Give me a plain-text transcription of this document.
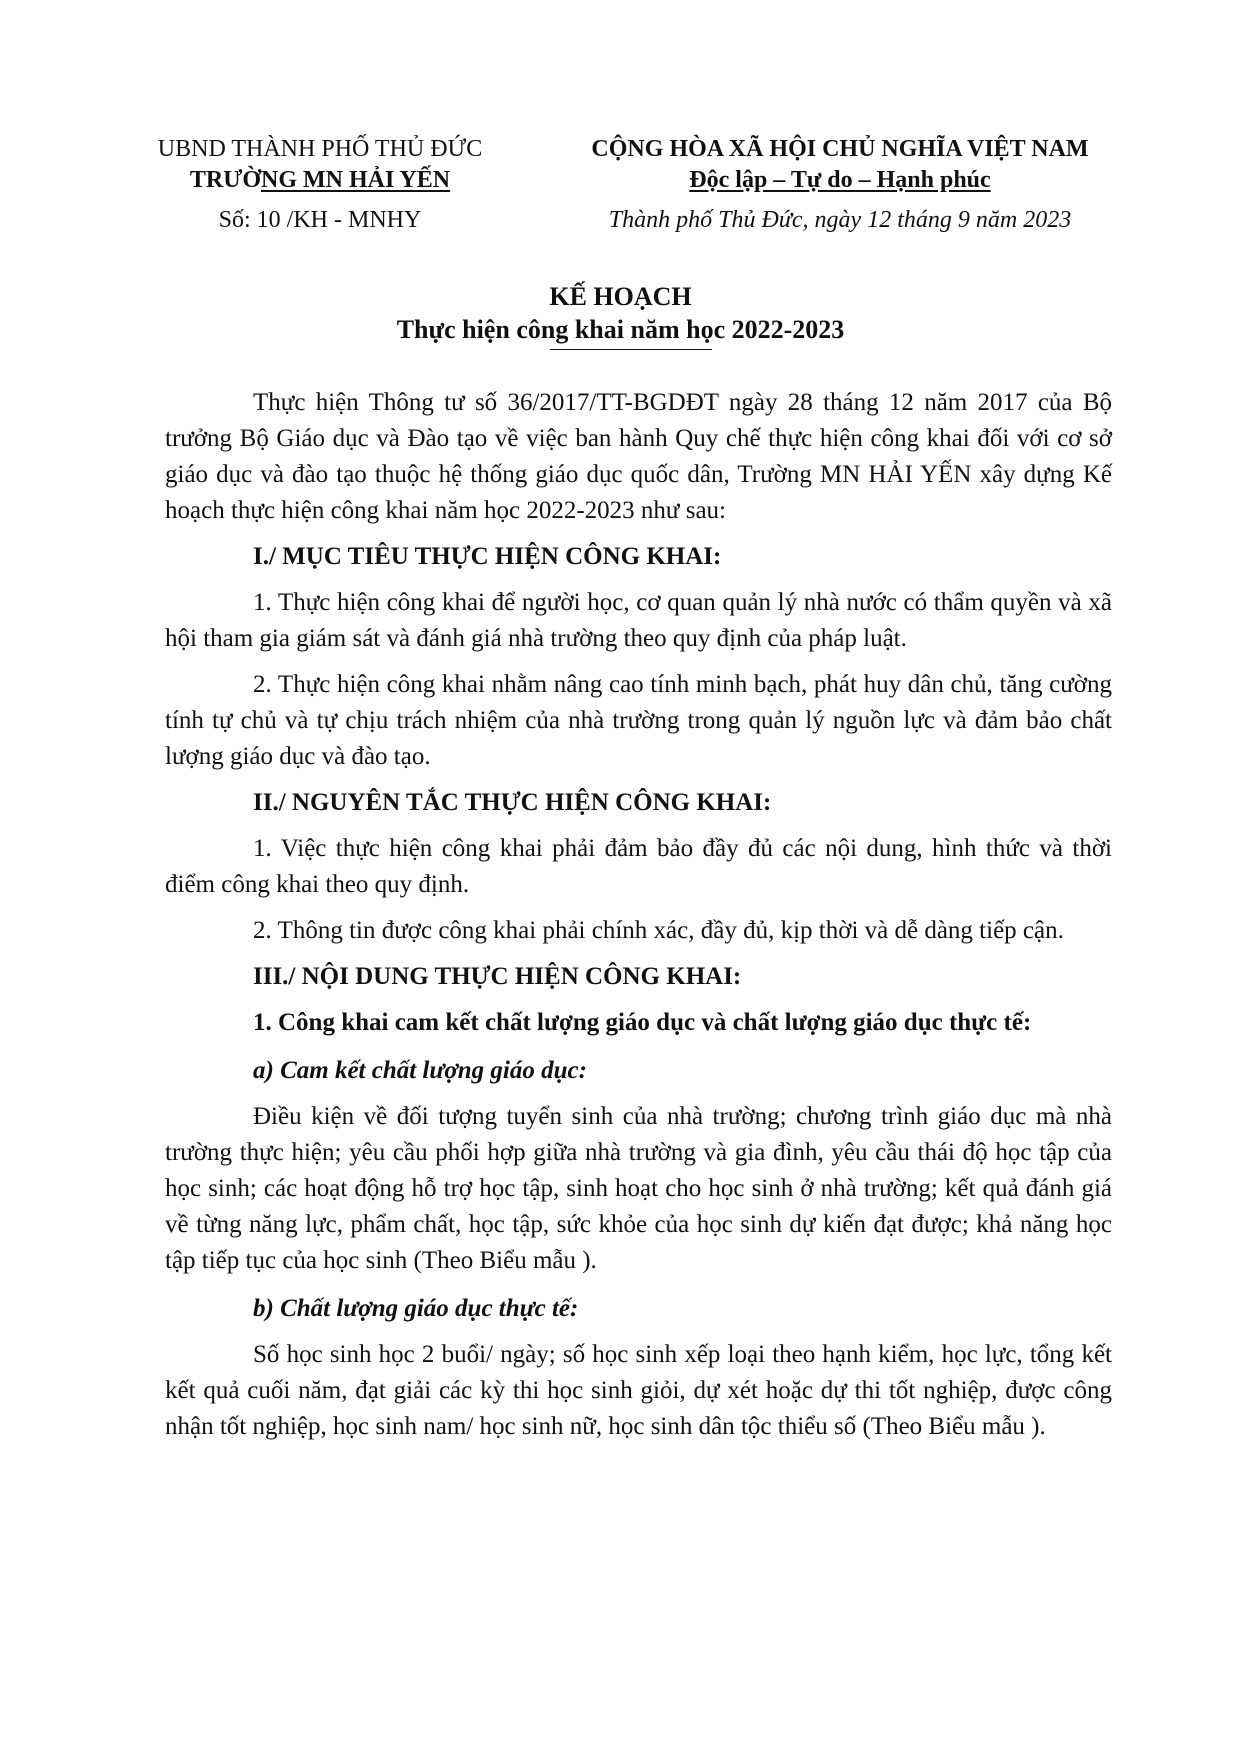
UBND THÀNH PHỐ THỦ ĐỨC
TRƯỜNG MN HẢI YẾN
Số: 10 /KH - MNHY
CỘNG HÒA XÃ HỘI CHỦ NGHĨA VIỆT NAM
Độc lập – Tự do – Hạnh phúc
Thành phố Thủ Đức, ngày 12 tháng 9 năm 2023
KẾ HOẠCH
Thực hiện công khai năm học 2022-2023

Thực hiện Thông tư số 36/2017/TT-BGDĐT ngày 28 tháng 12 năm 2017 của Bộ trưởng Bộ Giáo dục và Đào tạo về việc ban hành Quy chế thực hiện công khai đối với cơ sở giáo dục và đào tạo thuộc hệ thống giáo dục quốc dân, Trường MN HẢI YẾN xây dựng Kế hoạch thực hiện công khai năm học 2022-2023 như sau:

I./ MỤC TIÊU THỰC HIỆN CÔNG KHAI:

1. Thực hiện công khai để người học, cơ quan quản lý nhà nước có thẩm quyền và xã hội tham gia giám sát và đánh giá nhà trường theo quy định của pháp luật.

2. Thực hiện công khai nhằm nâng cao tính minh bạch, phát huy dân chủ, tăng cường tính tự chủ và tự chịu trách nhiệm của nhà trường trong quản lý nguồn lực và đảm bảo chất lượng giáo dục và đào tạo.

II./ NGUYÊN TẮC THỰC HIỆN CÔNG KHAI:

1. Việc thực hiện công khai phải đảm bảo đầy đủ các nội dung, hình thức và thời điểm công khai theo quy định.

2. Thông tin được công khai phải chính xác, đầy đủ, kịp thời và dễ dàng tiếp cận.

III./ NỘI DUNG THỰC HIỆN CÔNG KHAI:

1. Công khai cam kết chất lượng giáo dục và chất lượng giáo dục thực tế:

a) Cam kết chất lượng giáo dục:

Điều kiện về đối tượng tuyển sinh của nhà trường; chương trình giáo dục mà nhà trường thực hiện; yêu cầu phối hợp giữa nhà trường và gia đình, yêu cầu thái độ học tập của học sinh; các hoạt động hỗ trợ học tập, sinh hoạt cho học sinh ở nhà trường; kết quả đánh giá về từng năng lực, phẩm chất, học tập, sức khỏe của học sinh dự kiến đạt được; khả năng học tập tiếp tục của học sinh (Theo Biểu mẫu ).

b) Chất lượng giáo dục thực tế:

Số học sinh học 2 buổi/ ngày; số học sinh xếp loại theo hạnh kiểm, học lực, tổng kết kết quả cuối năm, đạt giải các kỳ thi học sinh giỏi, dự xét hoặc dự thi tốt nghiệp, được công nhận tốt nghiệp, học sinh nam/ học sinh nữ, học sinh dân tộc thiểu số (Theo Biểu mẫu ).
